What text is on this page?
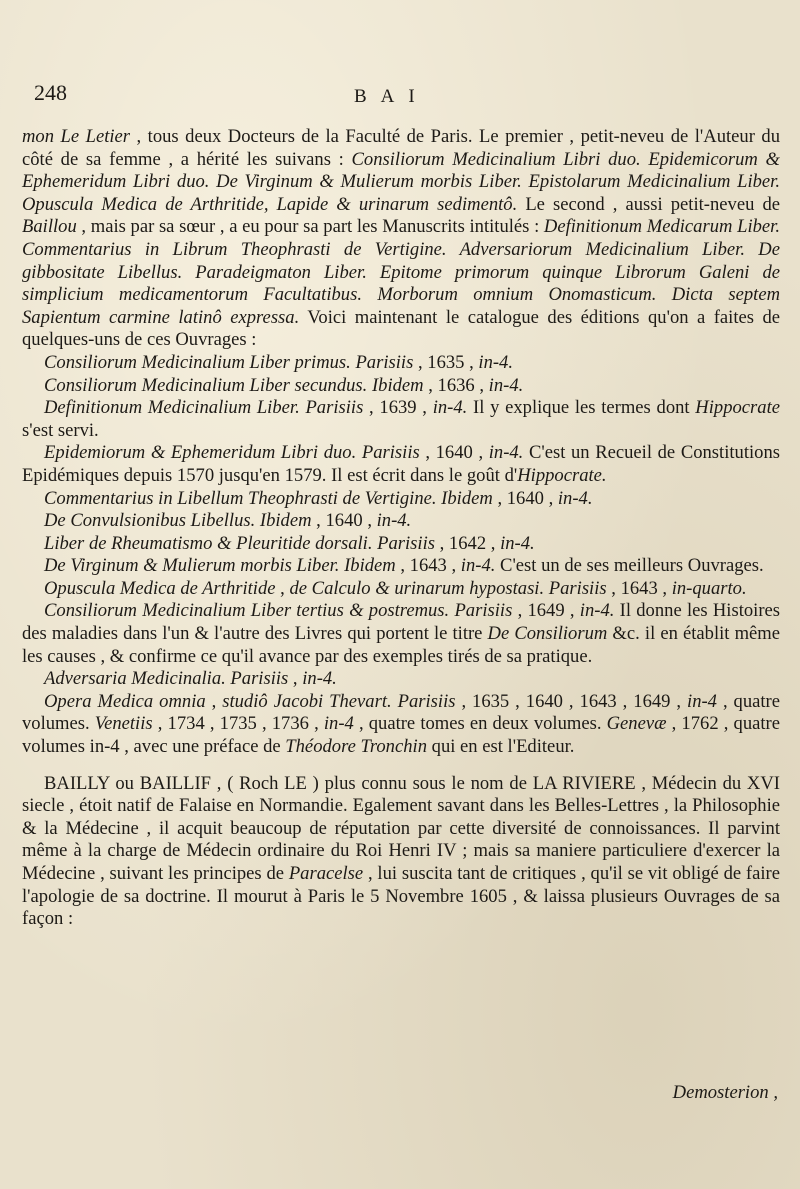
248	BAI

mon Le Letier , tous deux Docteurs de la Faculté de Paris. Le premier , petit-neveu de l'Auteur du côté de sa femme , a hérité les suivans : Consiliorum Medicinalium Libri duo. Epidemicorum & Ephemeridum Libri duo. De Virginum & Mulierum morbis Liber. Epistolarum Medicinalium Liber. Opuscula Medica de Arthritide, Lapide & urinarum sedimentô. Le second , aussi petit-neveu de Baillou , mais par sa sœur , a eu pour sa part les Manuscrits intitulés : Definitionum Medicarum Liber. Commentarius in Librum Theophrasti de Vertigine. Adversariorum Medicinalium Liber. De gibbositate Libellus. Paradeigmaton Liber. Epitome primorum quinque Librorum Galeni de simplicium medicamentorum Facultatibus. Morborum omnium Onomasticum. Dicta septem Sapientum carmine latinô expressa. Voici maintenant le catalogue des éditions qu'on a faites de quelques-uns de ces Ouvrages :

Consiliorum Medicinalium Liber primus. Parisiis , 1635 , in-4.

Consiliorum Medicinalium Liber secundus. Ibidem , 1636 , in-4.

Definitionum Medicinalium Liber. Parisiis , 1639 , in-4. Il y explique les termes dont Hippocrate s'est servi.

Epidemiorum & Ephemeridum Libri duo. Parisiis , 1640 , in-4. C'est un Recueil de Constitutions Epidémiques depuis 1570 jusqu'en 1579. Il est écrit dans le goût d'Hippocrate.

Commentarius in Libellum Theophrasti de Vertigine. Ibidem , 1640 , in-4.

De Convulsionibus Libellus. Ibidem , 1640 , in-4.

Liber de Rheumatismo & Pleuritide dorsali. Parisiis , 1642 , in-4.

De Virginum & Mulierum morbis Liber. Ibidem , 1643 , in-4. C'est un de ses meilleurs Ouvrages.

Opuscula Medica de Arthritide , de Calculo & urinarum hypostasi. Parisiis , 1643 , in-quarto.

Consiliorum Medicinalium Liber tertius & postremus. Parisiis , 1649 , in-4. Il donne les Histoires des maladies dans l'un & l'autre des Livres qui portent le titre De Consiliorum &c. il en établit même les causes , & confirme ce qu'il avance par des exemples tirés de sa pratique.

Adversaria Medicinalia. Parisiis , in-4.

Opera Medica omnia , studiô Jacobi Thevart. Parisiis , 1635 , 1640 , 1643 , 1649 , in-4 , quatre volumes. Venetiis , 1734 , 1735 , 1736 , in-4 , quatre tomes en deux volumes. Genevæ , 1762 , quatre volumes in-4 , avec une préface de Théodore Tronchin qui en est l'Editeur.

BAILLY ou BAILLIF , ( Roch LE ) plus connu sous le nom de LA RIVIERE , Médecin du XVI siecle , étoit natif de Falaise en Normandie. Egalement savant dans les Belles-Lettres , la Philosophie & la Médecine , il acquit beaucoup de réputation par cette diversité de connoissances. Il parvint même à la charge de Médecin ordinaire du Roi Henri IV ; mais sa maniere particuliere d'exercer la Médecine , suivant les principes de Paracelse , lui suscita tant de critiques , qu'il se vit obligé de faire l'apologie de sa doctrine. Il mourut à Paris le 5 Novembre 1605 , & laissa plusieurs Ouvrages de sa façon :

Demosterion ,
